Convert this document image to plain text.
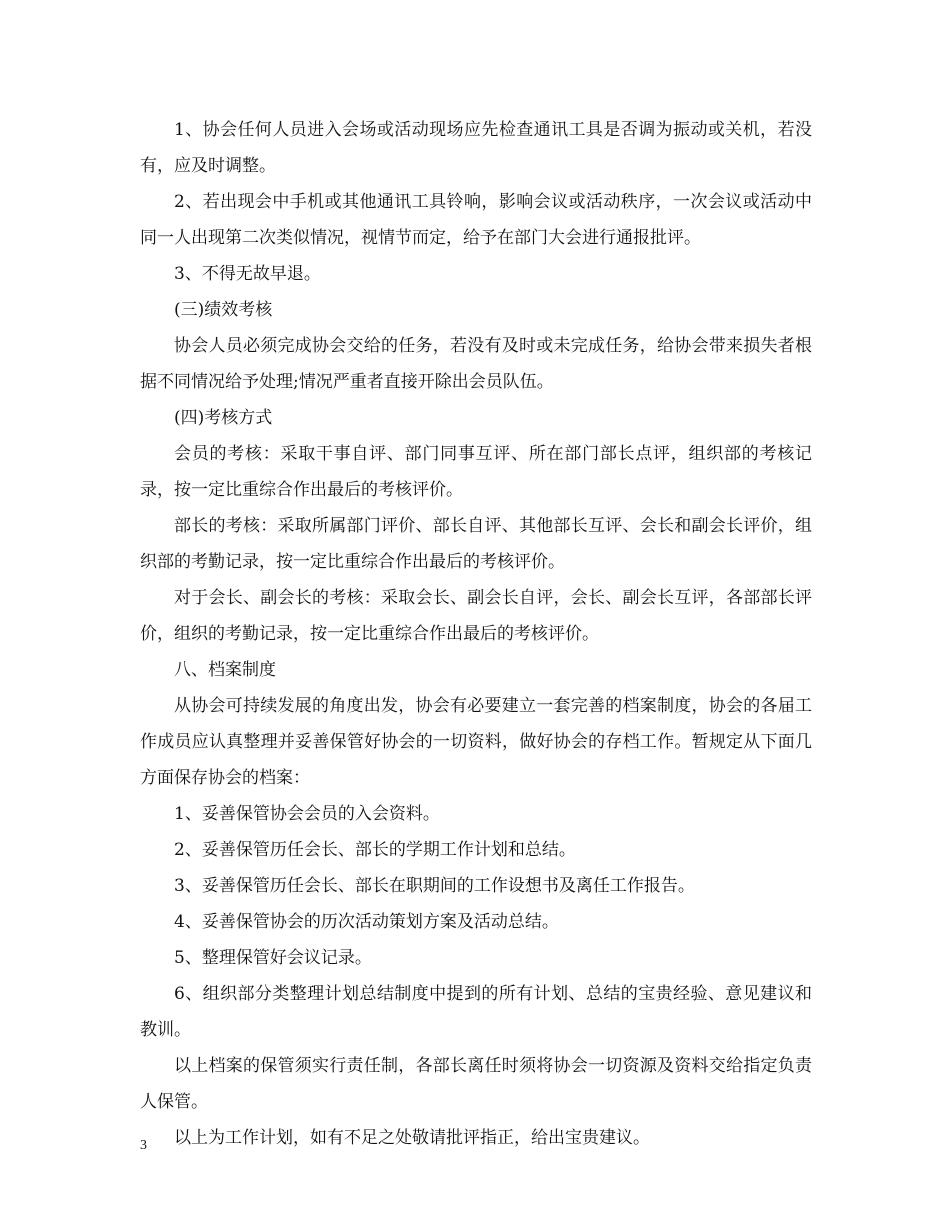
1、协会任何人员进入会场或活动现场应先检查通讯工具是否调为振动或关机，若没有，应及时调整。

2、若出现会中手机或其他通讯工具铃响，影响会议或活动秩序，一次会议或活动中同一人出现第二次类似情况，视情节而定，给予在部门大会进行通报批评。

3、不得无故早退。

(三)绩效考核

协会人员必须完成协会交给的任务，若没有及时或未完成任务，给协会带来损失者根据不同情况给予处理;情况严重者直接开除出会员队伍。

(四)考核方式

会员的考核：采取干事自评、部门同事互评、所在部门部长点评，组织部的考核记录，按一定比重综合作出最后的考核评价。

部长的考核：采取所属部门评价、部长自评、其他部长互评、会长和副会长评价，组织部的考勤记录，按一定比重综合作出最后的考核评价。

对于会长、副会长的考核：采取会长、副会长自评，会长、副会长互评，各部部长评价，组织的考勤记录，按一定比重综合作出最后的考核评价。

八、档案制度

从协会可持续发展的角度出发，协会有必要建立一套完善的档案制度，协会的各届工作成员应认真整理并妥善保管好协会的一切资料，做好协会的存档工作。暂规定从下面几方面保存协会的档案：

1、妥善保管协会会员的入会资料。

2、妥善保管历任会长、部长的学期工作计划和总结。

3、妥善保管历任会长、部长在职期间的工作设想书及离任工作报告。

4、妥善保管协会的历次活动策划方案及活动总结。

5、整理保管好会议记录。

6、组织部分类整理计划总结制度中提到的所有计划、总结的宝贵经验、意见建议和教训。

以上档案的保管须实行责任制，各部长离任时须将协会一切资源及资料交给指定负责人保管。

以上为工作计划，如有不足之处敬请批评指正，给出宝贵建议。

3
